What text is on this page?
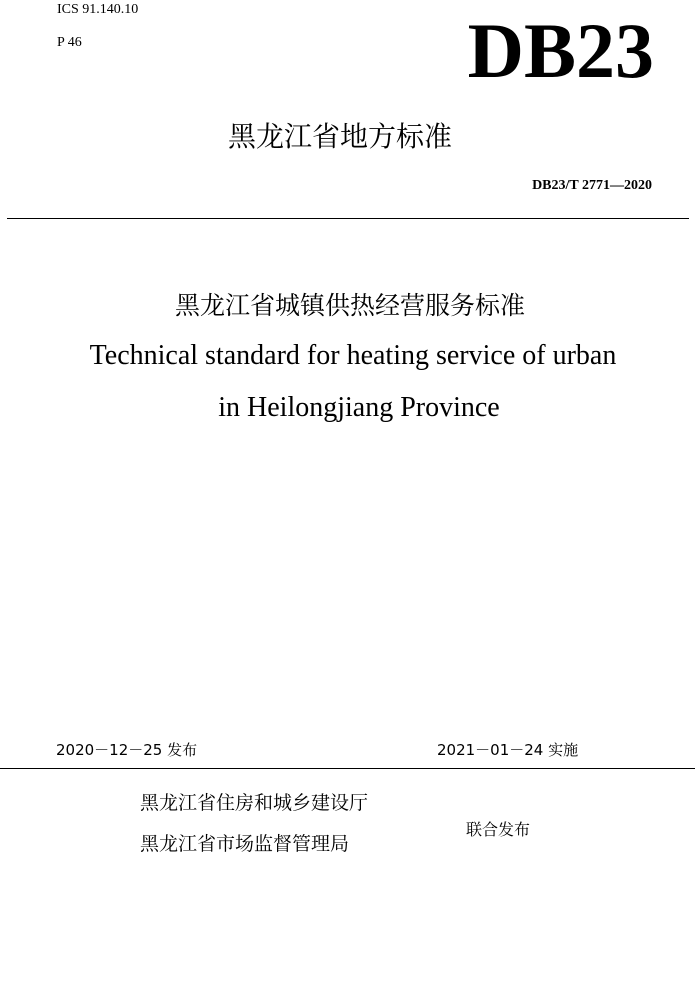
ICS 91.140.10
P 46	DB23
黑龙江省地方标准
DB23/T 2771—2020
黑龙江省城镇供热经营服务标准
Technical standard for heating service of urban
in Heilongjiang Province
2020－12－25 发布	2021－01－24 实施
黑龙江省住房和城乡建设厅
黑龙江省市场监督管理局
联合发布
